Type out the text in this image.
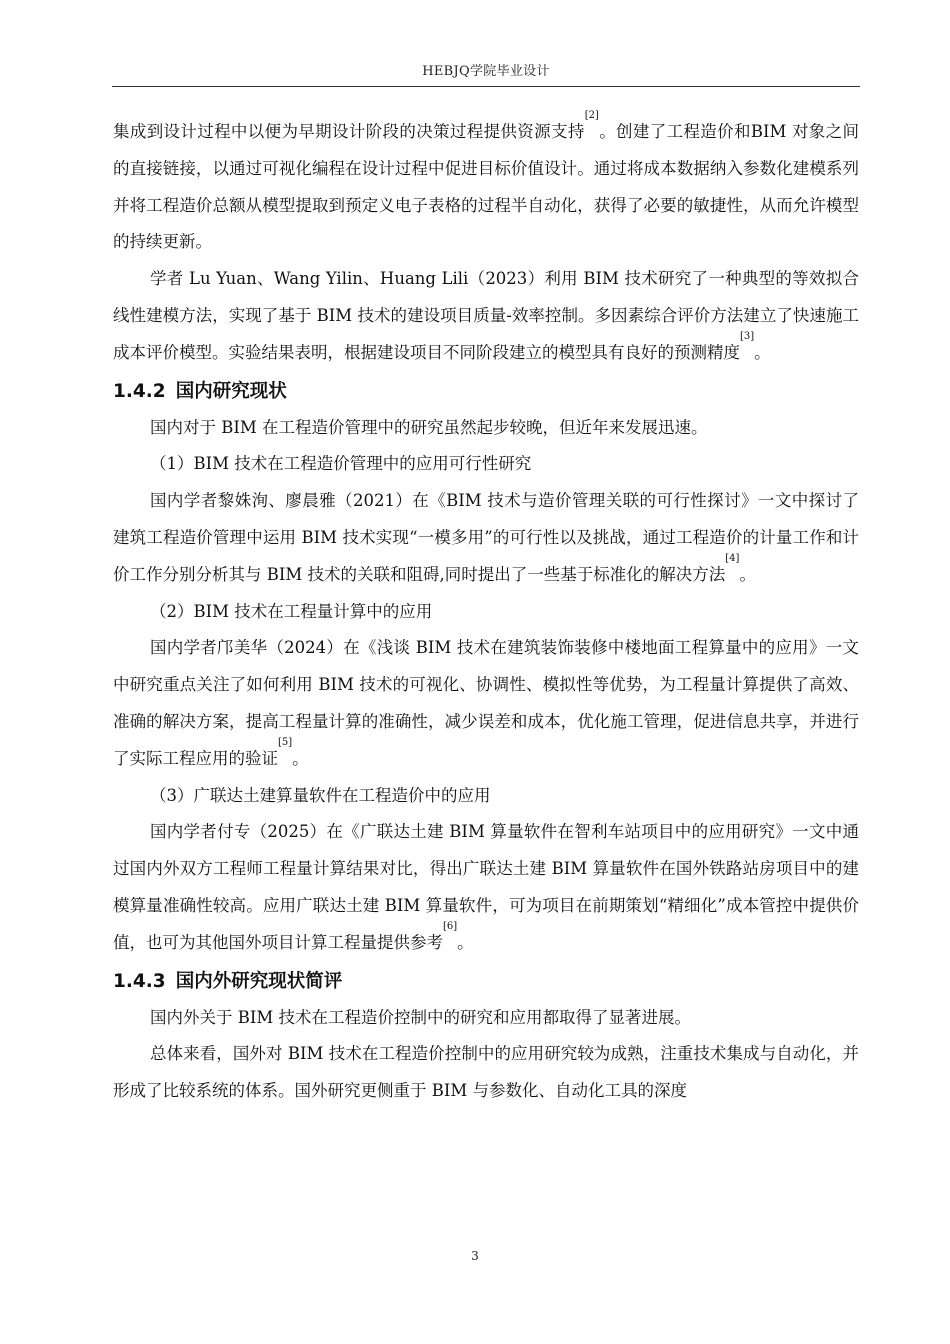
HEBJQ学院毕业设计

集成到设计过程中以便为早期设计阶段的决策过程提供资源支持[2]。创建了工程造价和BIM 对象之间的直接链接，以通过可视化编程在设计过程中促进目标价值设计。通过将成本数据纳入参数化建模系列并将工程造价总额从模型提取到预定义电子表格的过程半自动化，获得了必要的敏捷性，从而允许模型的持续更新。

学者 Lu Yuan、Wang Yilin、Huang Lili（2023）利用 BIM 技术研究了一种典型的等效拟合线性建模方法，实现了基于 BIM 技术的建设项目质量-效率控制。多因素综合评价方法建立了快速施工成本评价模型。实验结果表明，根据建设项目不同阶段建立的模型具有良好的预测精度[3]。

1.4.2 国内研究现状

国内对于 BIM 在工程造价管理中的研究虽然起步较晚，但近年来发展迅速。

（1）BIM 技术在工程造价管理中的应用可行性研究

国内学者黎姝洵、廖晨雅（2021）在《BIM 技术与造价管理关联的可行性探讨》一文中探讨了建筑工程造价管理中运用 BIM 技术实现“一模多用”的可行性以及挑战，通过工程造价的计量工作和计价工作分别分析其与 BIM 技术的关联和阻碍,同时提出了一些基于标准化的解决方法[4]。

（2）BIM 技术在工程量计算中的应用

国内学者邝美华（2024）在《浅谈 BIM 技术在建筑装饰装修中楼地面工程算量中的应用》一文中研究重点关注了如何利用 BIM 技术的可视化、协调性、模拟性等优势，为工程量计算提供了高效、准确的解决方案，提高工程量计算的准确性，减少误差和成本，优化施工管理，促进信息共享，并进行了实际工程应用的验证[5]。

（3）广联达土建算量软件在工程造价中的应用

国内学者付专（2025）在《广联达土建 BIM 算量软件在智利车站项目中的应用研究》一文中通过国内外双方工程师工程量计算结果对比，得出广联达土建 BIM 算量软件在国外铁路站房项目中的建模算量准确性较高。应用广联达土建 BIM 算量软件，可为项目在前期策划“精细化”成本管控中提供价值，也可为其他国外项目计算工程量提供参考[6]。

1.4.3 国内外研究现状简评

国内外关于 BIM 技术在工程造价控制中的研究和应用都取得了显著进展。

总体来看，国外对 BIM 技术在工程造价控制中的应用研究较为成熟，注重技术集成与自动化，并形成了比较系统的体系。国外研究更侧重于 BIM 与参数化、自动化工具的深度

3
